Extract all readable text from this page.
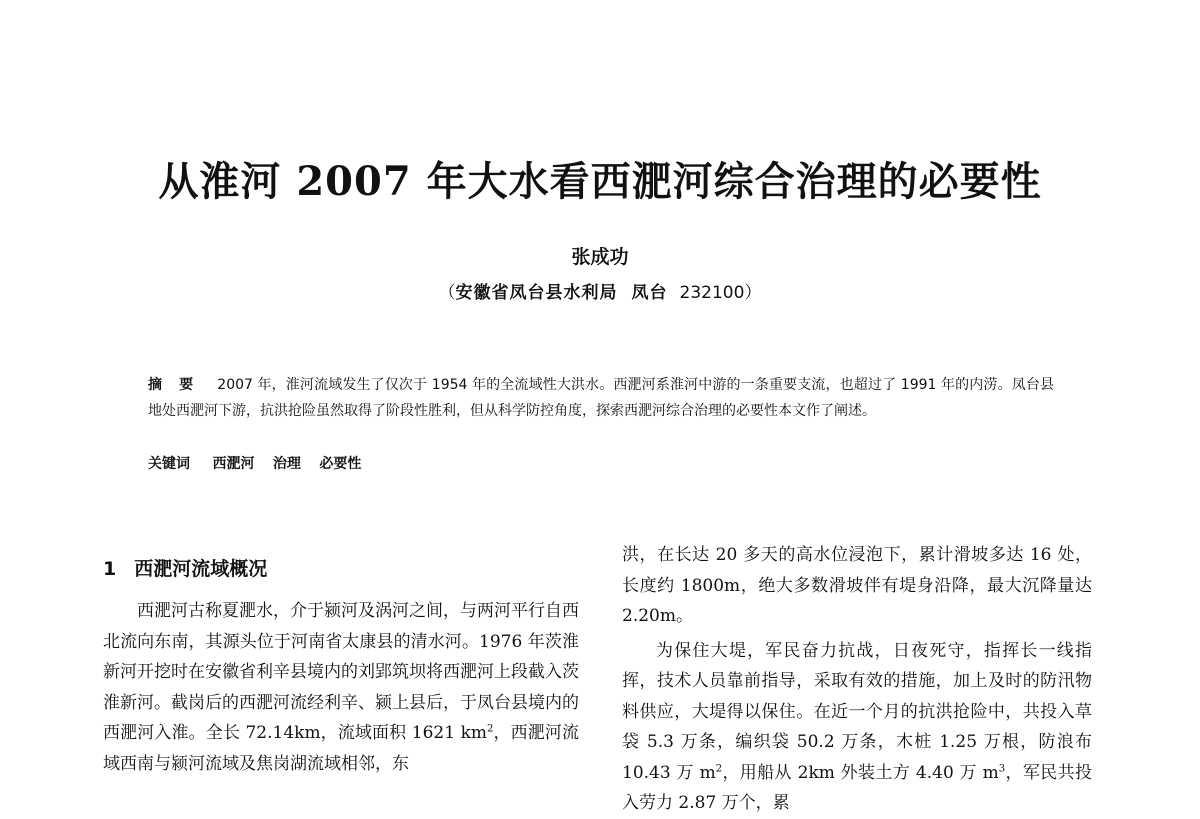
从淮河 2007 年大水看西淝河综合治理的必要性
张成功
（安徽省凤台县水利局 凤台 232100）
摘 要 2007 年，淮河流域发生了仅次于 1954 年的全流域性大洪水。西淝河系淮河中游的一条重要支流，也超过了 1991 年的内涝。凤台县地处西淝河下游，抗洪抢险虽然取得了阶段性胜利，但从科学防控角度，探索西淝河综合治理的必要性本文作了阐述。
关键词 西淝河 治理 必要性
1 西淝河流域概况

西淝河古称夏淝水，介于颍河及涡河之间，与两河平行自西北流向东南，其源头位于河南省太康县的清水河。1976 年茨淮新河开挖时在安徽省利辛县境内的刘郢筑坝将西淝河上段截入茨淮新河。截岗后的西淝河流经利辛、颍上县后，于凤台县境内的西淝河入淮。全长 72.14km，流域面积 1621 $km^2$，西淝河流域西南与颍河流域及焦岗湖流域相邻，东

洪，在长达 20 多天的高水位浸泡下，累计滑坡多达 16 处，长度约 1800m，绝大多数滑坡伴有堤身沿降，最大沉降量达 2.20m。

为保住大堤，军民奋力抗战，日夜死守，指挥长一线指挥，技术人员靠前指导，采取有效的措施，加上及时的防汛物料供应，大堤得以保住。在近一个月的抗洪抢险中，共投入草袋 5.3 万条，编织袋 50.2 万条，木桩 1.25 万根，防浪布 10.43 万 $m^2$，用船从 2km 外装土方 4.40 万 $m^3$，军民共投入劳力 2.87 万个，累
